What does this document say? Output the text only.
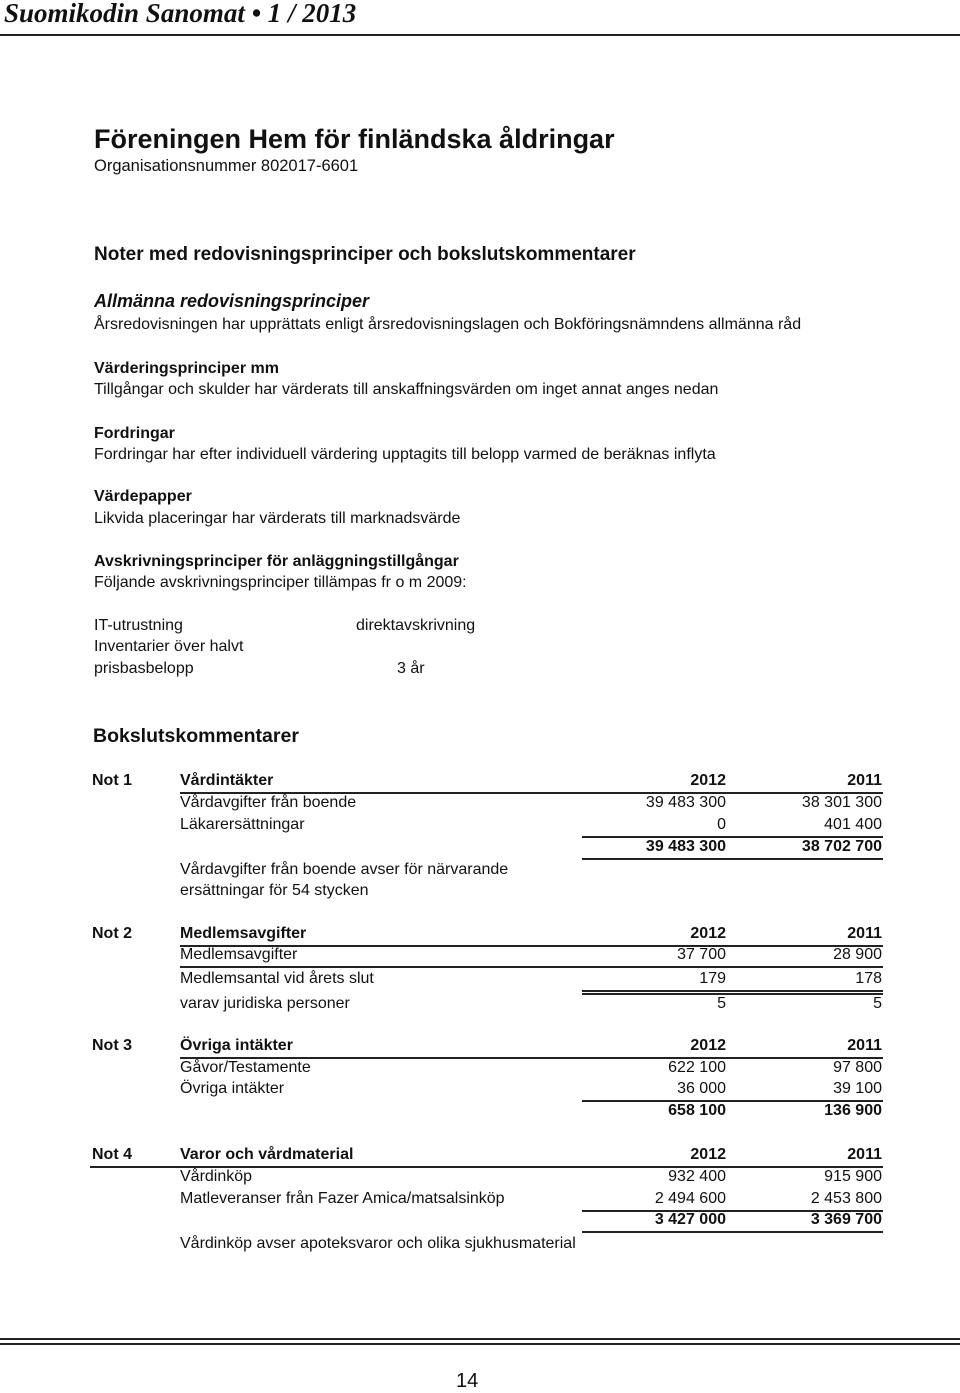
Suomikodin Sanomat • 1 / 2013
Föreningen Hem för finländska åldringar
Organisationsnummer 802017-6601
Noter med redovisningsprinciper och bokslutskommentarer
Allmänna redovisningsprinciper
Årsredovisningen har upprättats enligt årsredovisningslagen och Bokföringsnämndens allmänna råd
Värderingsprinciper mm
Tillgångar och skulder har värderats till anskaffningsvärden om inget annat anges nedan
Fordringar
Fordringar har efter individuell värdering upptagits till belopp varmed de beräknas inflyta
Värdepapper
Likvida placeringar har värderats till marknadsvärde
Avskrivningsprinciper för anläggningstillgångar
Följande avskrivningsprinciper tillämpas fr o m 2009:
IT-utrustning	direktavskrivning
Inventarier över halvt
prisbasbelopp	3 år
Bokslutskommentarer
Not 1	Vårdintäkter	2012	2011
Vårdavgifter från boende	39 483 300	38 301 300
Läkarersättningar	0	401 400
39 483 300	38 702 700
Vårdavgifter från boende avser för närvarande
ersättningar för 54 stycken
Not 2	Medlemsavgifter	2012	2011
Medlemsavgifter	37 700	28 900
Medlemsantal vid årets slut	179	178
varav juridiska personer	5	5
Not 3	Övriga intäkter	2012	2011
Gåvor/Testamente	622 100	97 800
Övriga intäkter	36 000	39 100
658 100	136 900
Not 4	Varor och vårdmaterial	2012	2011
Vårdinköp	932 400	915 900
Matleveranser från Fazer Amica/matsalsinköp	2 494 600	2 453 800
3 427 000	3 369 700
Vårdinköp avser apoteksvaror och olika sjukhusmaterial
14
